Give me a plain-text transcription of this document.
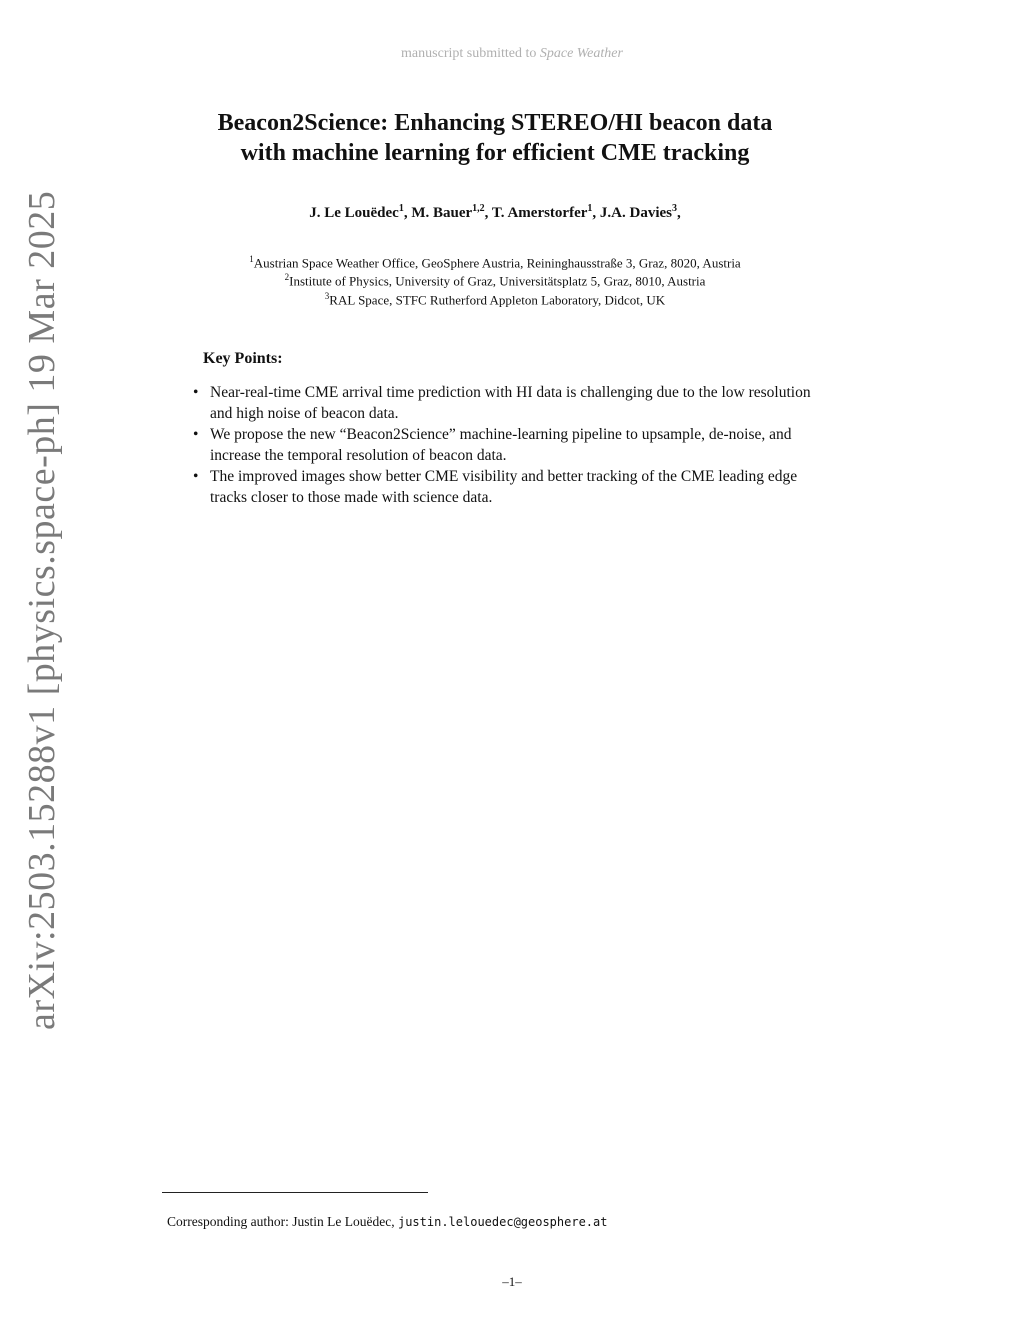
manuscript submitted to Space Weather
arXiv:2503.15288v1 [physics.space-ph] 19 Mar 2025
Beacon2Science: Enhancing STEREO/HI beacon data
with machine learning for efficient CME tracking
J. Le Louëdec$^1$, M. Bauer$^{1,2}$, T. Amerstorfer$^1$, J.A. Davies$^3$,
$^1$Austrian Space Weather Office, GeoSphere Austria, Reininghausstraße 3, Graz, 8020, Austria
$^2$Institute of Physics, University of Graz, Universitätsplatz 5, Graz, 8010, Austria
$^3$RAL Space, STFC Rutherford Appleton Laboratory, Didcot, UK
Key Points:
• Near-real-time CME arrival time prediction with HI data is challenging due to the low resolution and high noise of beacon data.
• We propose the new “Beacon2Science” machine-learning pipeline to upsample, de-noise, and increase the temporal resolution of beacon data.
• The improved images show better CME visibility and better tracking of the CME leading edge tracks closer to those made with science data.
Corresponding author: Justin Le Louëdec, justin.lelouedec@geosphere.at
–1–
